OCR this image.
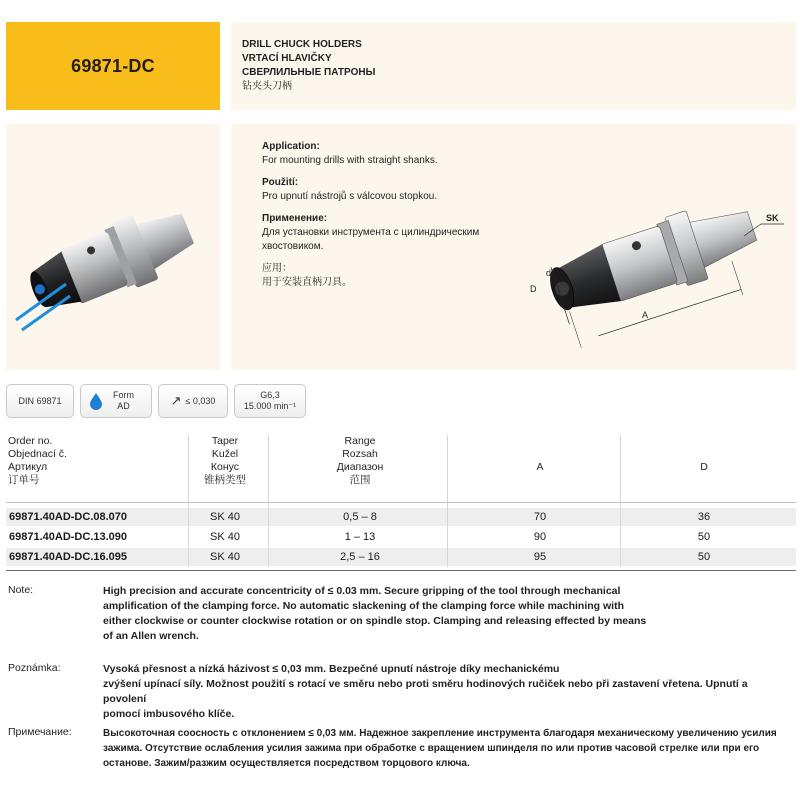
69871-DC
DRILL CHUCK HOLDERS
VRTACÍ HLAVIČKY
СВЕРЛИЛЬНЫЕ ПАТРОНЫ
钻夹头刀柄
Application:
For mounting drills with straight shanks.
Použití:
Pro upnutí nástrojů s válcovou stopkou.
Применение:
Для установки инструмента с цилиндрическим
хвостовиком.
应用：
用于安装直柄刀具。
SK
A
D
d
DIN 69871
Form
AD	↗ ≤ 0,030
G6,3
15.000 min⁻¹
Order no.
Objednací č.
Артикул
订单号
Taper
Kužel
Конус
锥柄类型
Range
Rozsah
Диапазон
范围
A	D
69871.40AD-DC.08.070	SK 40	0,5 – 8	70	36
69871.40AD-DC.13.090	SK 40	1 – 13	90	50
69871.40AD-DC.16.095	SK 40	2,5 – 16	95	50
Note:	High precision and accurate concentricity of ≤ 0.03 mm. Secure gripping of the tool through mechanical
amplification of the clamping force. No automatic slackening of the clamping force while machining with
either clockwise or counter clockwise rotation or on spindle stop. Clamping and releasing effected by means
of an Allen wrench.
Poznámka:	Vysoká přesnost a nízká házivost ≤ 0,03 mm. Bezpečné upnutí nástroje díky mechanickému
zvýšení upínací síly. Možnost použití s rotací ve směru nebo proti směru hodinových ručiček nebo při zastavení vřetena. Upnutí a povolení
pomocí imbusového klíče.
Примечание:	Высокоточная соосность с отклонением ≤ 0,03 мм. Надежное закрепление инструмента благодаря механическому увеличению усилия
зажима. Отсутствие ослабления усилия зажима при обработке с вращением шпинделя по или против часовой стрелке или при его
останове. Зажим/разжим осуществляется посредством торцового ключа.
